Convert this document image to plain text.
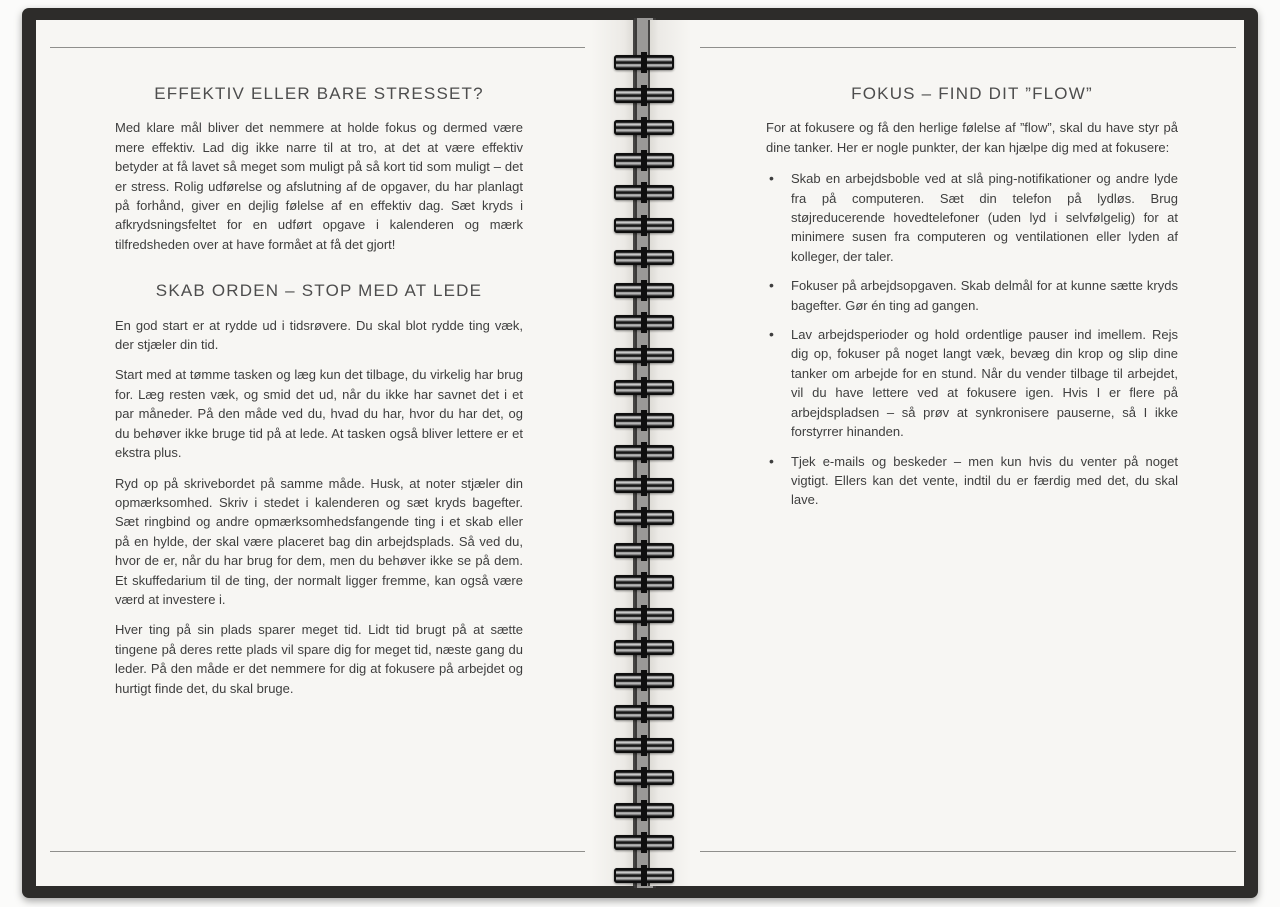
EFFEKTIV ELLER BARE STRESSET?

Med klare mål bliver det nemmere at holde fokus og dermed være mere effektiv. Lad dig ikke narre til at tro, at det at være effektiv betyder at få lavet så meget som muligt på så kort tid som muligt – det er stress. Rolig udførelse og afslutning af de opgaver, du har planlagt på forhånd, giver en dejlig følelse af en effektiv dag. Sæt kryds i afkrydsningsfeltet for en udført opgave i kalenderen og mærk tilfredsheden over at have formået at få det gjort!

SKAB ORDEN – STOP MED AT LEDE

En god start er at rydde ud i tidsrøvere. Du skal blot rydde ting væk, der stjæler din tid.

Start med at tømme tasken og læg kun det tilbage, du virkelig har brug for. Læg resten væk, og smid det ud, når du ikke har savnet det i et par måneder. På den måde ved du, hvad du har, hvor du har det, og du behøver ikke bruge tid på at lede. At tasken også bliver lettere er et ekstra plus.

Ryd op på skrivebordet på samme måde. Husk, at noter stjæler din opmærksomhed. Skriv i stedet i kalenderen og sæt kryds bagefter. Sæt ringbind og andre opmærksomhedsfangende ting i et skab eller på en hylde, der skal være placeret bag din arbejdsplads. Så ved du, hvor de er, når du har brug for dem, men du behøver ikke se på dem. Et skuffedarium til de ting, der normalt ligger fremme, kan også være værd at investere i.

Hver ting på sin plads sparer meget tid. Lidt tid brugt på at sætte tingene på deres rette plads vil spare dig for meget tid, næste gang du leder. På den måde er det nemmere for dig at fokusere på arbejdet og hurtigt finde det, du skal bruge.

FOKUS – FIND DIT ”FLOW”

For at fokusere og få den herlige følelse af ”flow”, skal du have styr på dine tanker. Her er nogle punkter, der kan hjælpe dig med at fokusere:

• Skab en arbejdsboble ved at slå ping-notifikationer og andre lyde fra på computeren. Sæt din telefon på lydløs. Brug støjreducerende hovedtelefoner (uden lyd i selvfølgelig) for at minimere susen fra computeren og ventilationen eller lyden af kolleger, der taler.
• Fokuser på arbejdsopgaven. Skab delmål for at kunne sætte kryds bagefter. Gør én ting ad gangen.
• Lav arbejdsperioder og hold ordentlige pauser ind imellem. Rejs dig op, fokuser på noget langt væk, bevæg din krop og slip dine tanker om arbejde for en stund. Når du vender tilbage til arbejdet, vil du have lettere ved at fokusere igen. Hvis I er flere på arbejdspladsen – så prøv at synkronisere pauserne, så I ikke forstyrrer hinanden.
• Tjek e-mails og beskeder – men kun hvis du venter på noget vigtigt. Ellers kan det vente, indtil du er færdig med det, du skal lave.
